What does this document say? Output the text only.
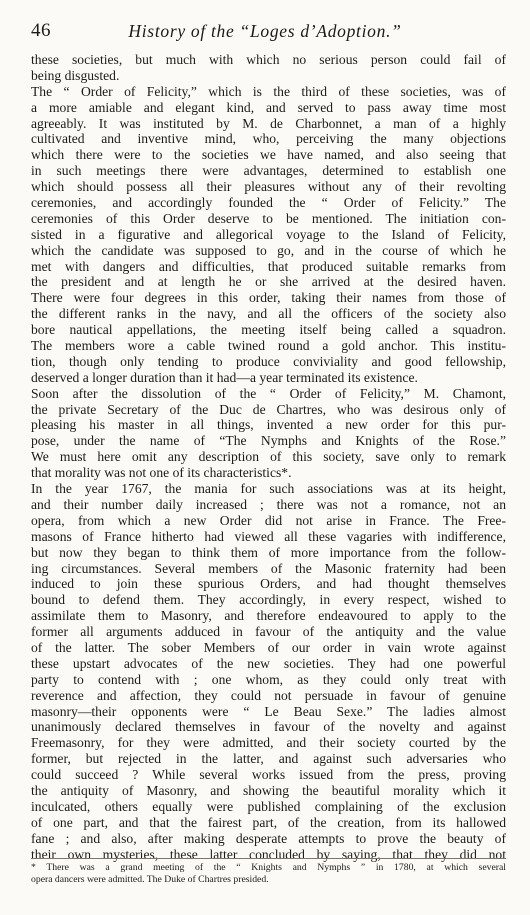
46	History of the “Loges d’Adoption.”
these societies, but much with which no serious person could fail of
being disgusted.
The “ Order of Felicity,” which is the third of these societies, was of
a more amiable and elegant kind, and served to pass away time most
agreeably. It was instituted by M. de Charbonnet, a man of a highly
cultivated and inventive mind, who, perceiving the many objections
which there were to the societies we have named, and also seeing that
in such meetings there were advantages, determined to establish one
which should possess all their pleasures without any of their revolting
ceremonies, and accordingly founded the “ Order of Felicity.” The
ceremonies of this Order deserve to be mentioned. The initiation con-
sisted in a figurative and allegorical voyage to the Island of Felicity,
which the candidate was supposed to go, and in the course of which he
met with dangers and difficulties, that produced suitable remarks from
the president and at length he or she arrived at the desired haven.
There were four degrees in this order, taking their names from those of
the different ranks in the navy, and all the officers of the society also
bore nautical appellations, the meeting itself being called a squadron.
The members wore a cable twined round a gold anchor. This institu-
tion, though only tending to produce conviviality and good fellowship,
deserved a longer duration than it had—a year terminated its existence.
Soon after the dissolution of the “ Order of Felicity,” M. Chamont,
the private Secretary of the Duc de Chartres, who was desirous only of
pleasing his master in all things, invented a new order for this pur-
pose, under the name of “The Nymphs and Knights of the Rose.”
We must here omit any description of this society, save only to remark
that morality was not one of its characteristics*.
In the year 1767, the mania for such associations was at its height,
and their number daily increased ; there was not a romance, not an
opera, from which a new Order did not arise in France. The Free-
masons of France hitherto had viewed all these vagaries with indifference,
but now they began to think them of more importance from the follow-
ing circumstances. Several members of the Masonic fraternity had been
induced to join these spurious Orders, and had thought themselves
bound to defend them. They accordingly, in every respect, wished to
assimilate them to Masonry, and therefore endeavoured to apply to the
former all arguments adduced in favour of the antiquity and the value
of the latter. The sober Members of our order in vain wrote against
these upstart advocates of the new societies. They had one powerful
party to contend with ; one whom, as they could only treat with
reverence and affection, they could not persuade in favour of genuine
masonry—their opponents were “ Le Beau Sexe.” The ladies almost
unanimously declared themselves in favour of the novelty and against
Freemasonry, for they were admitted, and their society courted by the
former, but rejected in the latter, and against such adversaries who
could succeed ? While several works issued from the press, proving
the antiquity of Masonry, and showing the beautiful morality which it
inculcated, others equally were published complaining of the exclusion
of one part, and that the fairest part, of the creation, from its hallowed
fane ; and also, after making desperate attempts to prove the beauty of
their own mysteries, these latter concluded by saying, that they did not
* There was a grand meeting of the “ Knights and Nymphs ” in 1780, at which several
opera dancers were admitted. The Duke of Chartres presided.
